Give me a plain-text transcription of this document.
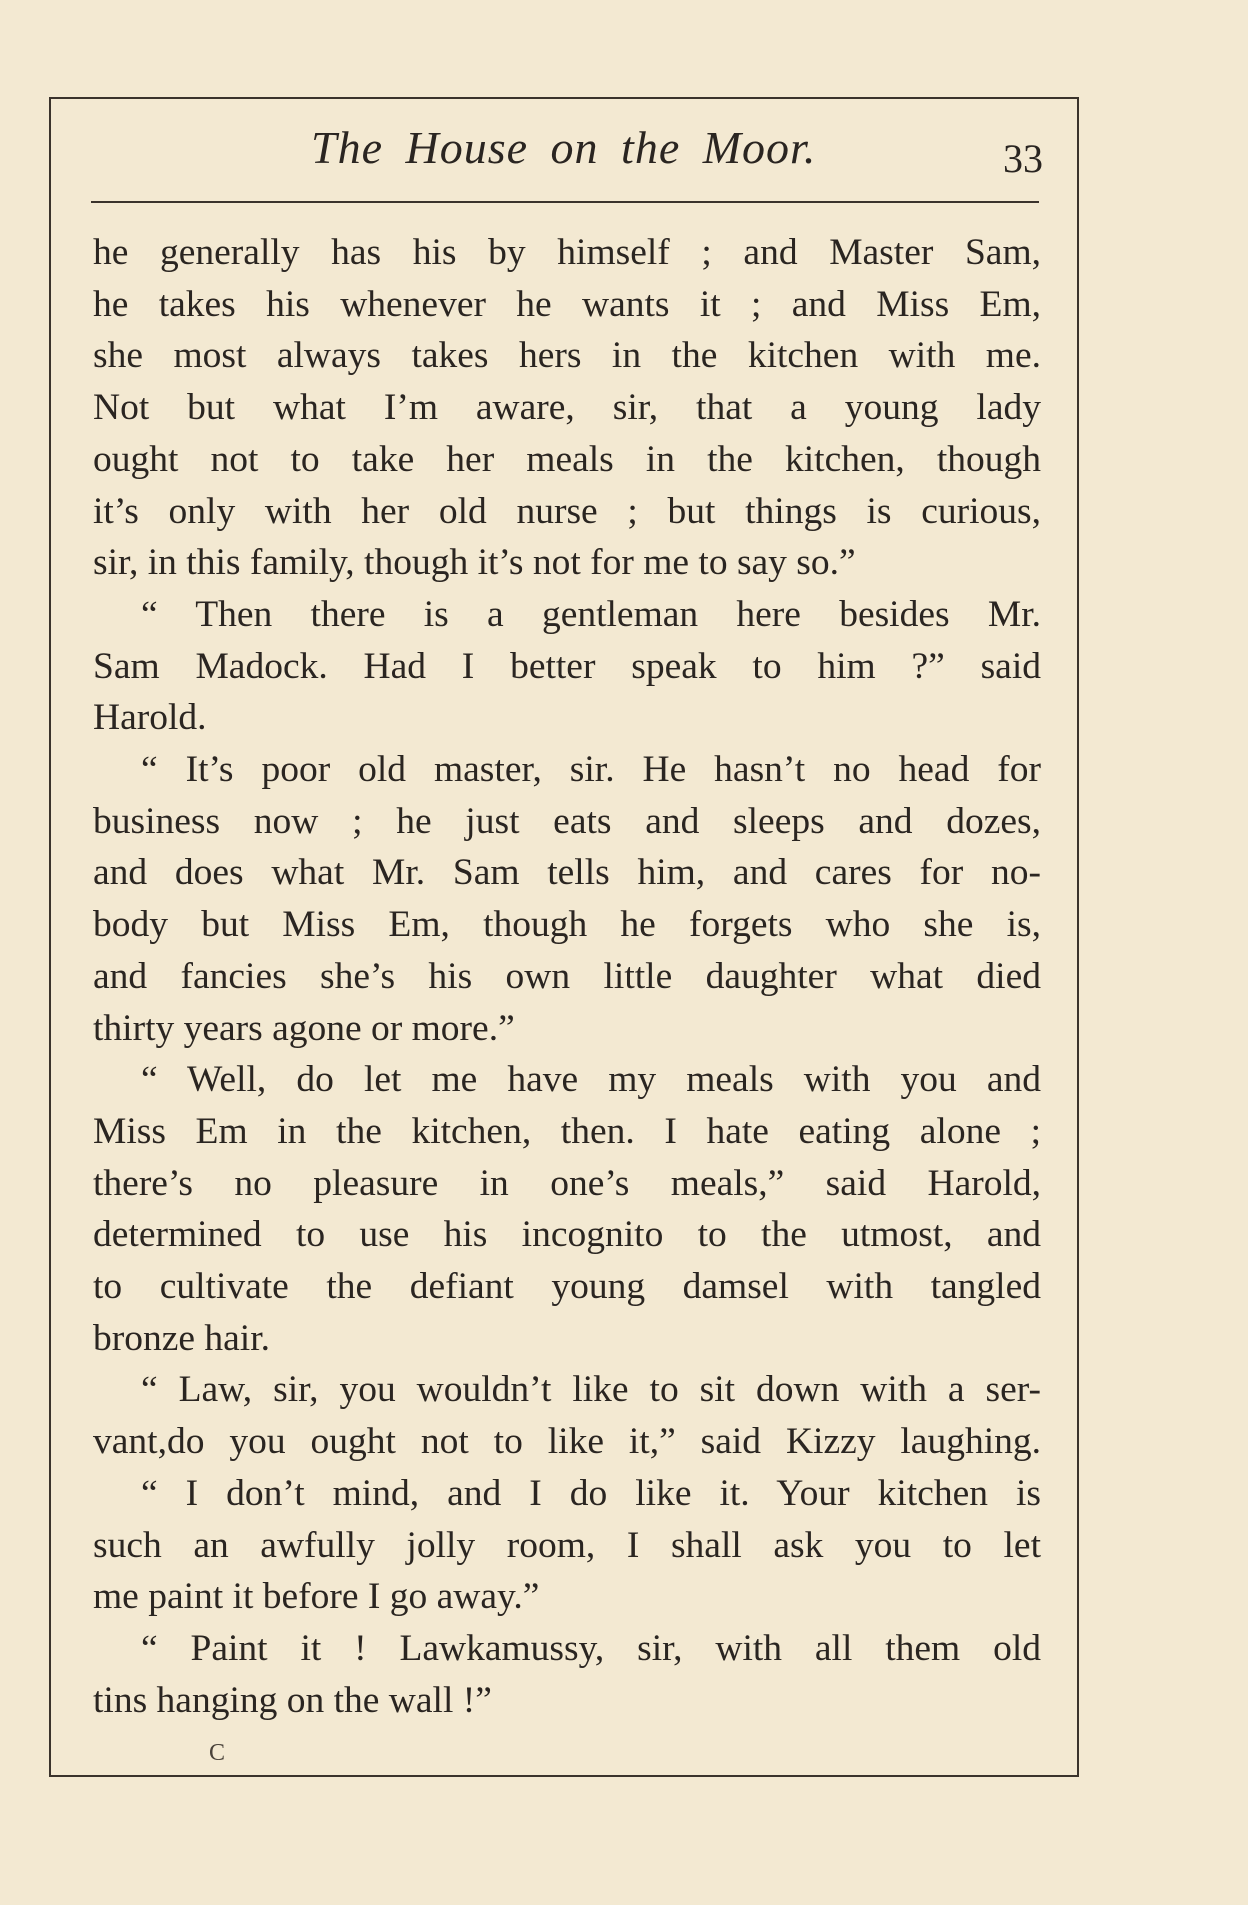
The House on the Moor.	33

he generally has his by himself ; and Master Sam,

he takes his whenever he wants it ; and Miss Em,

she most always takes hers in the kitchen with me.

Not but what I’m aware, sir, that a young lady

ought not to take her meals in the kitchen, though

it’s only with her old nurse ; but things is curious,

sir, in this family, though it’s not for me to say so.”

“ Then there is a gentleman here besides Mr.

Sam Madock. Had I better speak to him ?” said

Harold.

“ It’s poor old master, sir. He hasn’t no head for

business now ; he just eats and sleeps and dozes,

and does what Mr. Sam tells him, and cares for no-

body but Miss Em, though he forgets who she is,

and fancies she’s his own little daughter what died

thirty years agone or more.”

“ Well, do let me have my meals with you and

Miss Em in the kitchen, then. I hate eating alone ;

there’s no pleasure in one’s meals,” said Harold,

determined to use his incognito to the utmost, and

to cultivate the defiant young damsel with tangled

bronze hair.

“ Law, sir, you wouldn’t like to sit down with a ser-

vant,do you ought not to like it,” said Kizzy laughing.

“ I don’t mind, and I do like it. Your kitchen is

such an awfully jolly room, I shall ask you to let

me paint it before I go away.”

“ Paint it ! Lawkamussy, sir, with all them old

tins hanging on the wall !”

C
